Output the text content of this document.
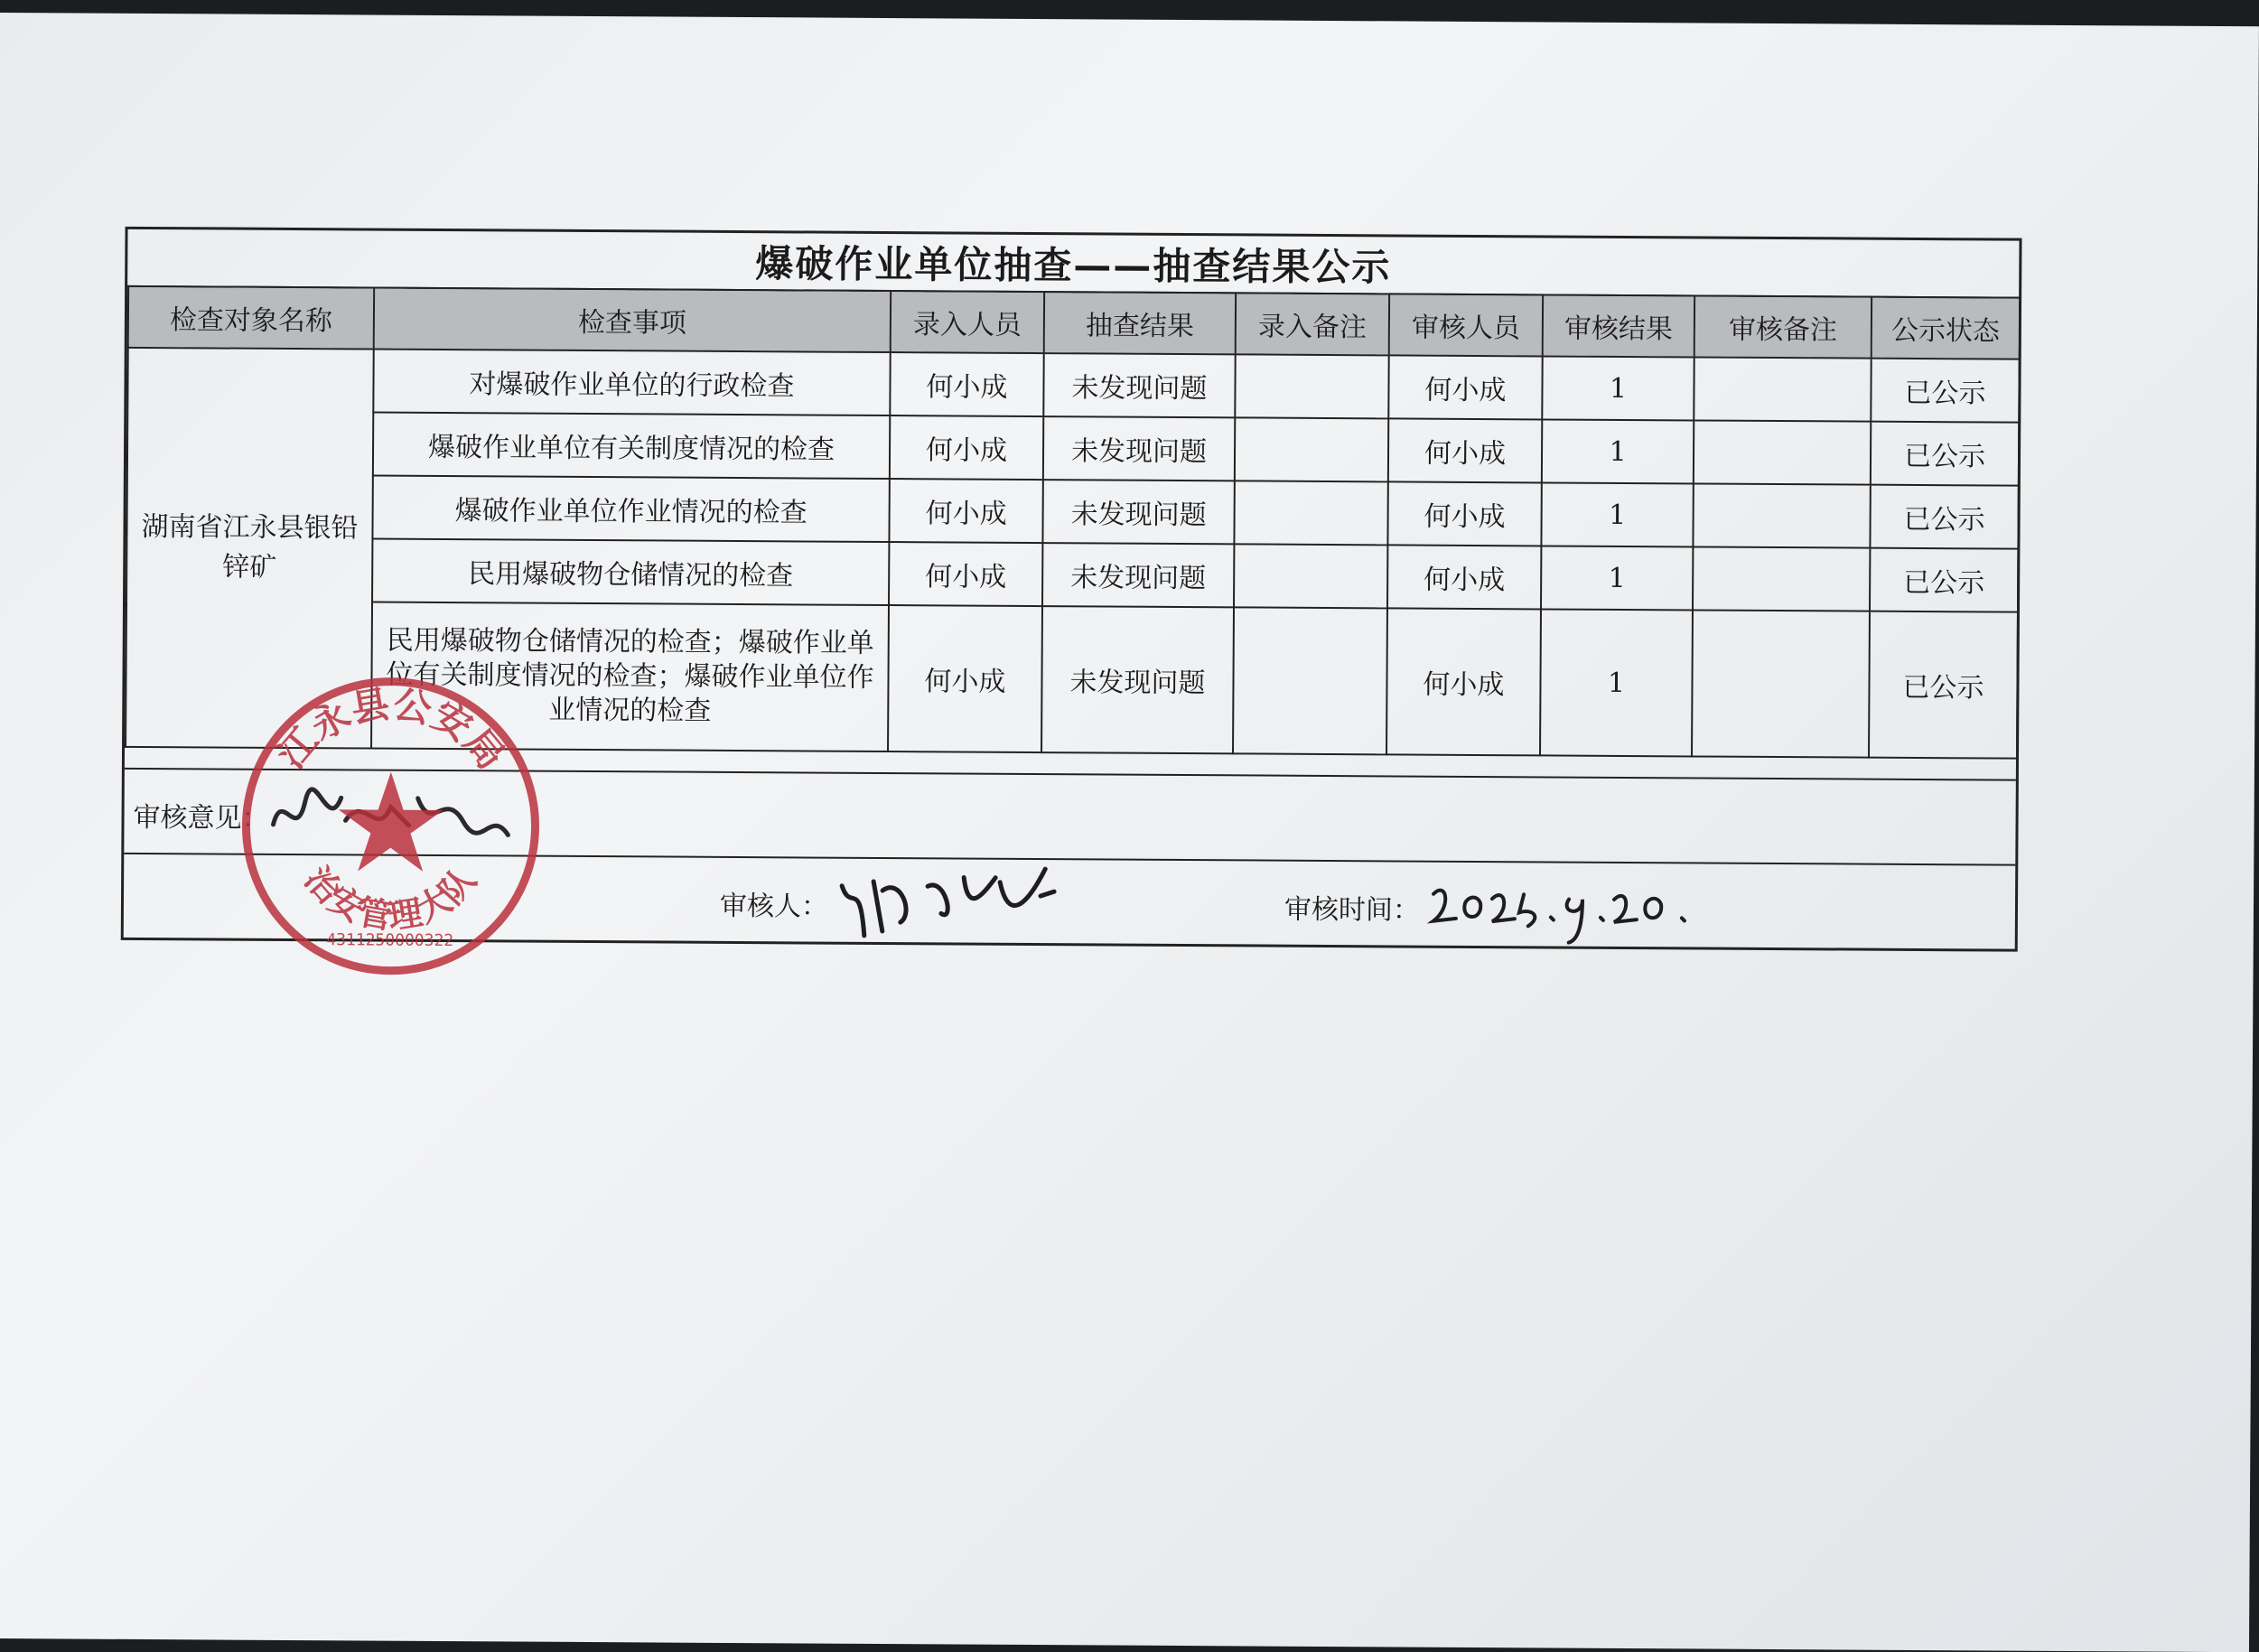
爆破作业单位抽查——抽查结果公示
检查对象名称	检查事项	录入人员	抽查结果	录入备注	审核人员	审核结果	审核备注	公示状态
湖南省江永县银铅锌矿	对爆破作业单位的行政检查	何小成	未发现问题		何小成	1		已公示
	爆破作业单位有关制度情况的检查	何小成	未发现问题		何小成	1		已公示
	爆破作业单位作业情况的检查	何小成	未发现问题		何小成	1		已公示
	民用爆破物仓储情况的检查	何小成	未发现问题		何小成	1		已公示
	民用爆破物仓储情况的检查；爆破作业单位有关制度情况的检查；爆破作业单位作业情况的检查	何小成	未发现问题		何小成	1		已公示
审核意见：
审核人：	审核时间：
江永县公安局
治安管理大队
4311250000322
